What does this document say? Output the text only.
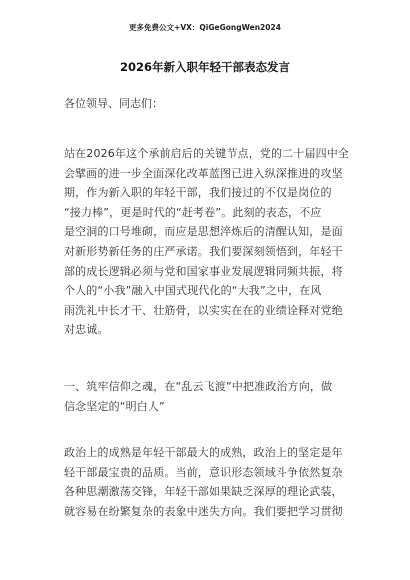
更多免费公文+VX：QiGeGongWen2024
2026年新入职年轻干部表态发言
各位领导、同志们：
站在2026年这个承前启后的关键节点，党的二十届四中全
会擘画的进一步全面深化改革蓝图已进入纵深推进的攻坚
期，作为新入职的年轻干部，我们接过的不仅是岗位的
“接力棒”，更是时代的“赶考卷”。此刻的表态，不应
是空洞的口号堆砌，而应是思想淬炼后的清醒认知，是面
对新形势新任务的庄严承诺。我们要深刻领悟到，年轻干
部的成长逻辑必须与党和国家事业发展逻辑同频共振，将
个人的“小我”融入中国式现代化的“大我”之中，在风
雨洗礼中长才干、壮筋骨，以实实在在的业绩诠释对党绝
对忠诚。
一、筑牢信仰之魂，在“乱云飞渡”中把准政治方向，做
信念坚定的“明白人”
政治上的成熟是年轻干部最大的成熟，政治上的坚定是年
轻干部最宝贵的品质。当前，意识形态领域斗争依然复杂
各种思潮激荡交锋，年轻干部如果缺乏深厚的理论武装，
就容易在纷繁复杂的表象中迷失方向。我们要把学习贯彻
